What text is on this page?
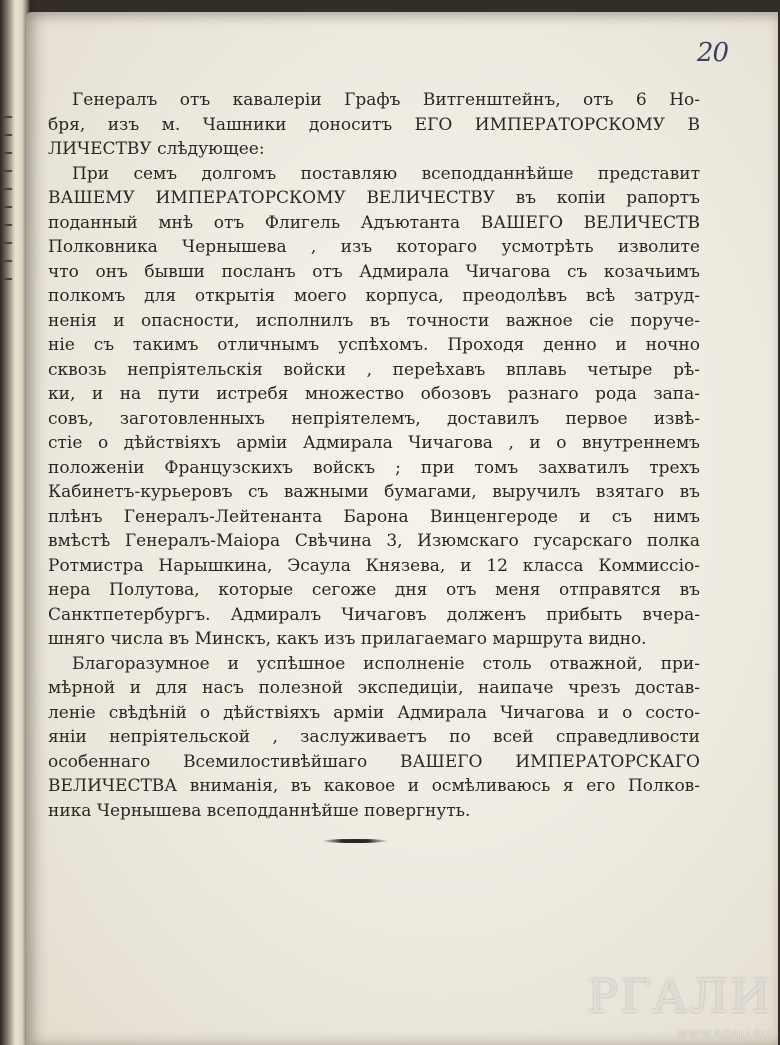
20
Генералъ отъ кавалеріи Графъ Витгенштейнъ, отъ 6 Но-
бря, изъ м. Чашники доноситъ ЕГО ИМПЕРАТОРСКОМУ В
ЛИЧЕСТВУ слѣдующее:
При семъ долгомъ поставляю всеподданнѣйше представит
ВАШЕМУ ИМПЕРАТОРСКОМУ ВЕЛИЧЕСТВУ въ копіи рапортъ
поданный мнѣ отъ Флигель Адъютанта ВАШЕГО ВЕЛИЧЕСТВ
Полковника Чернышева , изъ котораго усмотрѣть изволите
что онъ бывши посланъ отъ Адмирала Чичагова съ козачьимъ
полкомъ для открытія моего корпуса, преодолѣвъ всѣ затруд-
ненія и опасности, исполнилъ въ точности важное сіе поруче-
ніе съ такимъ отличнымъ успѣхомъ. Проходя денно и ночно
сквозь непріятельскія войски , переѣхавъ вплавь четыре рѣ-
ки, и на пути истребя множество обозовъ разнаго рода запа-
совъ, заготовленныхъ непріятелемъ, доставилъ первое извѣ-
стіе о дѣйствіяхъ арміи Адмирала Чичагова , и о внутреннемъ
положеніи Французскихъ войскъ ; при томъ захватилъ трехъ
Кабинетъ-курьеровъ съ важными бумагами, выручилъ взятаго въ
плѣнъ Генералъ-Лейтенанта Барона Винценгероде и съ нимъ
вмѣстѣ Генералъ-Маіора Свѣчина 3, Изюмскаго гусарскаго полка
Ротмистра Нарышкина, Эсаула Князева, и 12 класса Коммиссіо-
нера Полутова, которые сегоже дня отъ меня отправятся въ
Санктпетербургъ. Адмиралъ Чичаговъ долженъ прибыть вчера-
шняго числа въ Минскъ, какъ изъ прилагаемаго маршрута видно.
Благоразумное и успѣшное исполненіе столь отважной, при-
мѣрной и для насъ полезной экспедиціи, наипаче чрезъ достав-
леніе свѣдѣній о дѣйствіяхъ арміи Адмирала Чичагова и о состо-
яніи непріятельской , заслуживаетъ по всей справедливости
особеннаго Всемилостивѣйшаго ВАШЕГО ИМПЕРАТОРСКАГО
ВЕЛИЧЕСТВА вниманія, въ каковое и осмѣливаюсь я его Полков-
ника Чернышева всеподданнѣйше повергнуть.
РГАЛИ
WWW.RGALI.RU
